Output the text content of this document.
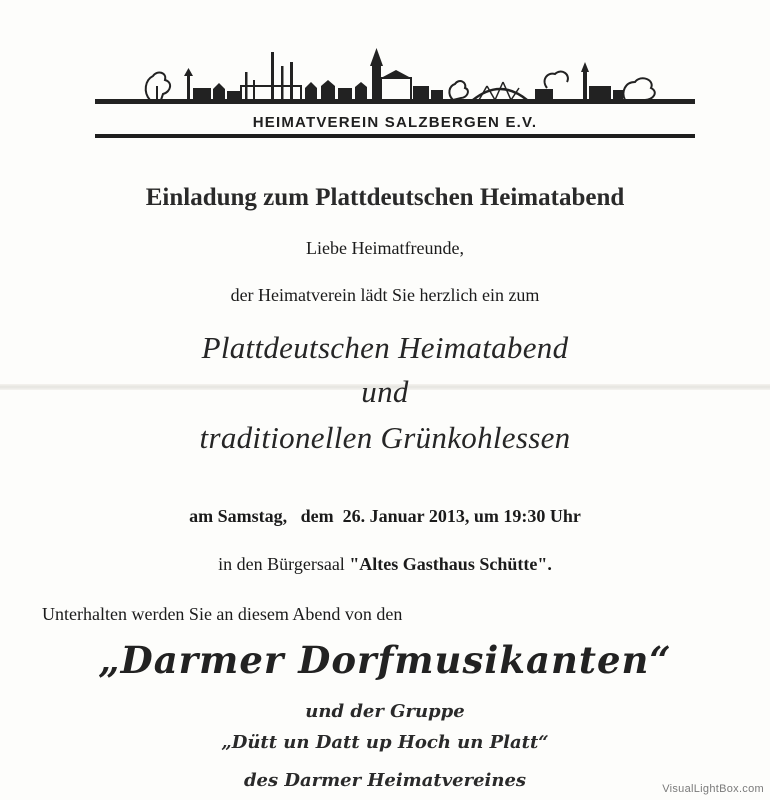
HEIMATVEREIN SALZBERGEN E.V.
Einladung zum Plattdeutschen Heimatabend
Liebe Heimatfreunde,
der Heimatverein lädt Sie herzlich ein zum
Plattdeutschen Heimatabend
und
traditionellen Grünkohlessen
am Samstag,   dem  26. Januar 2013, um 19:30 Uhr
in den Bürgersaal "Altes Gasthaus Schütte".
Unterhalten werden Sie an diesem Abend von den
„Darmer Dorfmusikanten“
und der Gruppe
„Dütt un Datt up Hoch un Platt“
des Darmer Heimatvereines	VisualLightBox.com
